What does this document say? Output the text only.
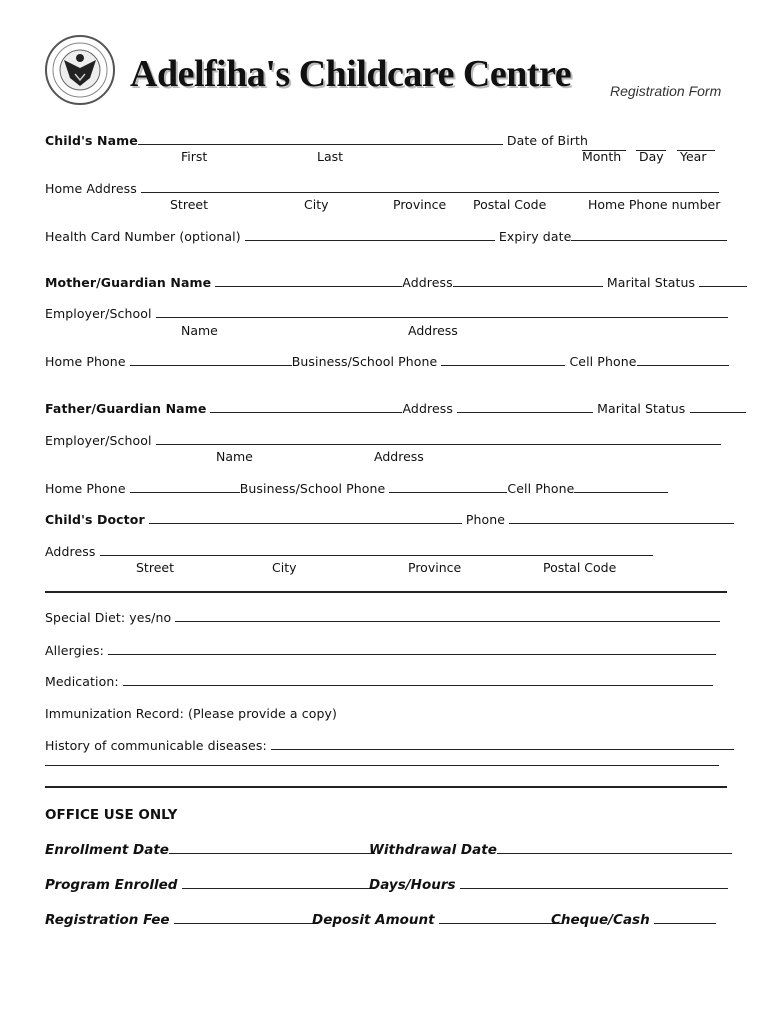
Adelfiha's Childcare Centre	Registration Form
Child's Name	Date of Birth
First	Last	Month Day Year
Home Address
Street	City	Province Postal Code	Home Phone number
Health Card Number (optional)	Expiry date
Mother/Guardian Name	Address	Marital Status
Employer/School
Name	Address
Home Phone	Business/School Phone	Cell Phone
Father/Guardian Name	Address	Marital Status
Employer/School
Name	Address
Home Phone	Business/School Phone	Cell Phone
Child's Doctor	Phone
Address
Street	City	Province	Postal Code
Special Diet: yes/no
Allergies:
Medication:
Immunization Record: (Please provide a copy)
History of communicable diseases:
OFFICE USE ONLY
Enrollment Date	Withdrawal Date
Program Enrolled	Days/Hours
Registration Fee	Deposit Amount	Cheque/Cash
